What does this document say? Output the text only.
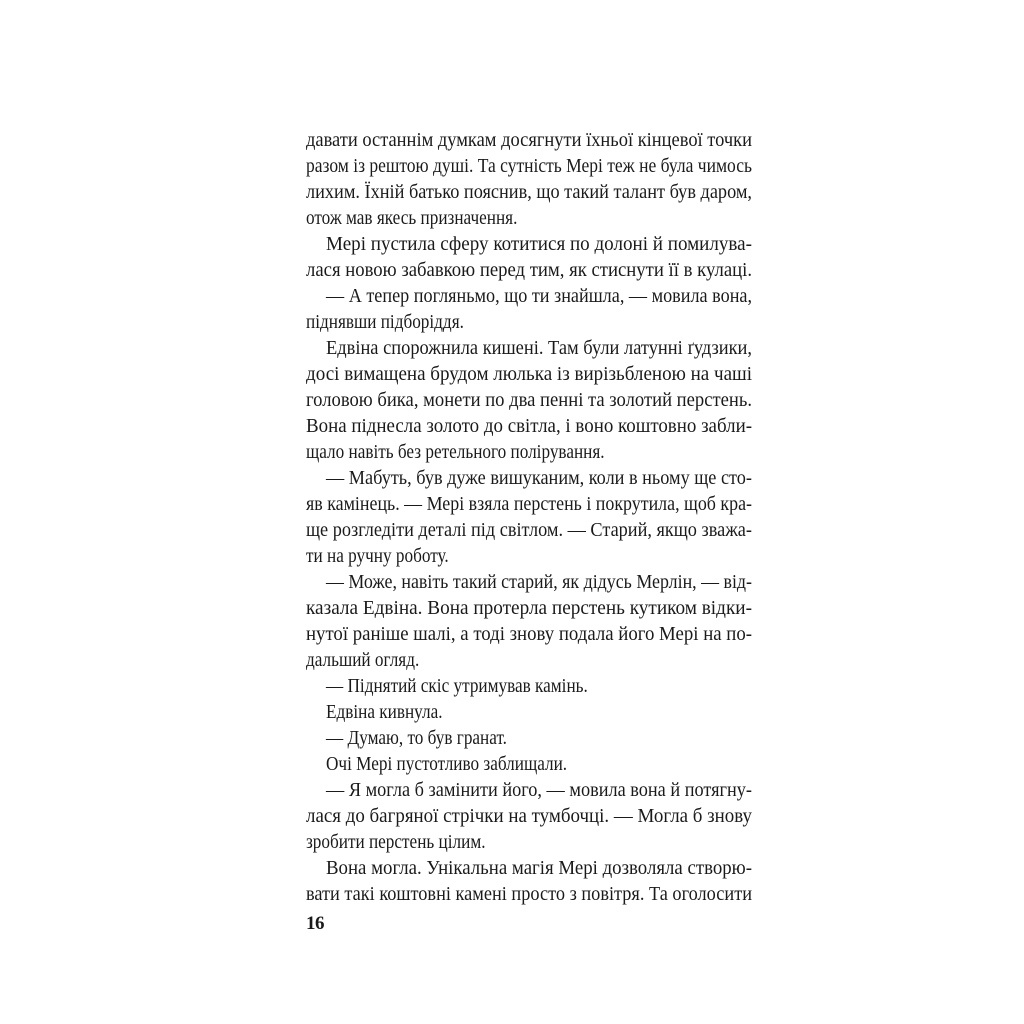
давати останнім думкам досягнути їхньої кінцевої точки
разом із рештою душі. Та сутність Мері теж не була чимось
лихим. Їхній батько пояснив, що такий талант був даром,
отож мав якесь призначення.
Мері пустила сферу котитися по долоні й помилува-
лася новою забавкою перед тим, як стиснути її в кулаці.
— А тепер погляньмо, що ти знайшла, — мовила вона,
піднявши підборіддя.
Едвіна спорожнила кишені. Там були латунні ґудзики,
досі вимащена брудом люлька із вирізьбленою на чаші
головою бика, монети по два пенні та золотий перстень.
Вона піднесла золото до світла, і воно коштовно забли-
щало навіть без ретельного полірування.
— Мабуть, був дуже вишуканим, коли в ньому ще сто-
яв камінець. — Мері взяла перстень і покрутила, щоб кра-
ще розгледіти деталі під світлом. — Старий, якщо зважа-
ти на ручну роботу.
— Може, навіть такий старий, як дідусь Мерлін, — від-
казала Едвіна. Вона протерла перстень кутиком відки-
нутої раніше шалі, а тоді знову подала його Мері на по-
дальший огляд.
— Піднятий скіс утримував камінь.
Едвіна кивнула.
— Думаю, то був гранат.
Очі Мері пустотливо заблищали.
— Я могла б замінити його, — мовила вона й потягну-
лася до багряної стрічки на тумбочці. — Могла б знову
зробити перстень цілим.
Вона могла. Унікальна магія Мері дозволяла створю-
вати такі коштовні камені просто з повітря. Та оголосити
16
